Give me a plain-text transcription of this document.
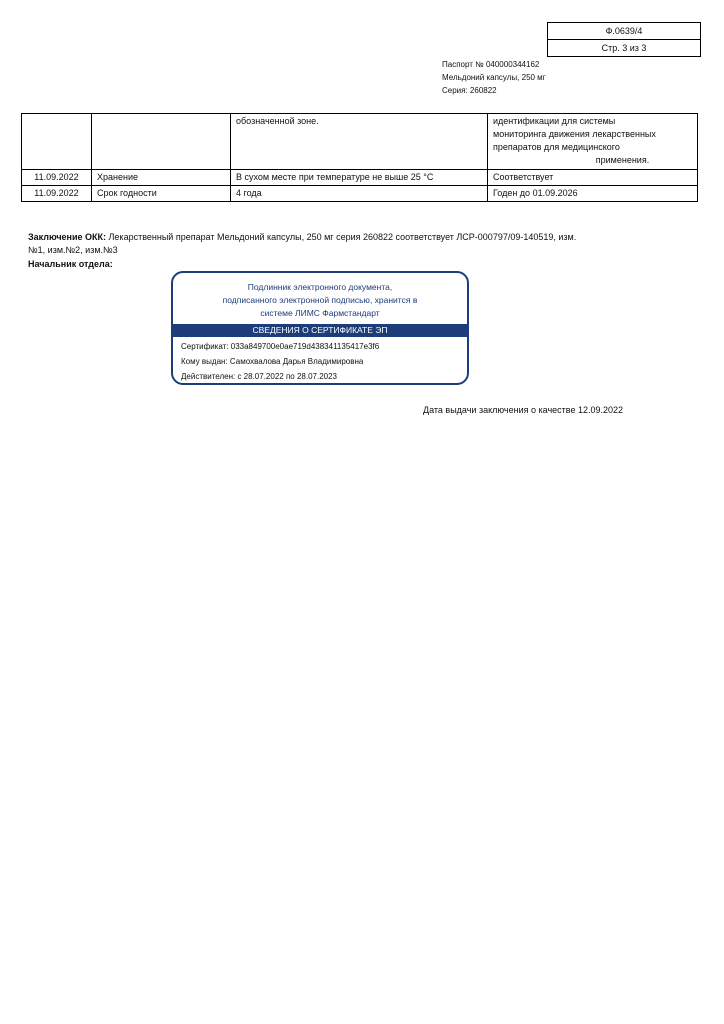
Ф.0639/4
Стр. 3 из 3
Паспорт № 040000344162
Мельдоний капсулы, 250 мг
Серия: 260822
		обозначенной зоне.	идентификации для системы
мониторинга движения лекарственных
препаратов для медицинского
применения.

11.09.2022	Хранение	В сухом месте при температуре не выше 25 °С	Соответствует
11.09.2022	Срок годности	4 года	Годен до 01.09.2026
Заключение ОКК: Лекарственный препарат Мельдоний капсулы, 250 мг серия 260822 соответствует ЛСР-000797/09-140519, изм.№1, изм.№2, изм.№3
Начальник отдела:
Подлинник электронного документа,
подписанного электронной подписью, хранится в
системе ЛИМС Фармстандарт
СВЕДЕНИЯ О СЕРТИФИКАТЕ ЭП
Сертификат: 033a849700e0ae719d438341135417e3f6
Кому выдан: Самохвалова Дарья Владимировна
Действителен: с 28.07.2022 по 28.07.2023
Дата выдачи заключения о качестве 12.09.2022
